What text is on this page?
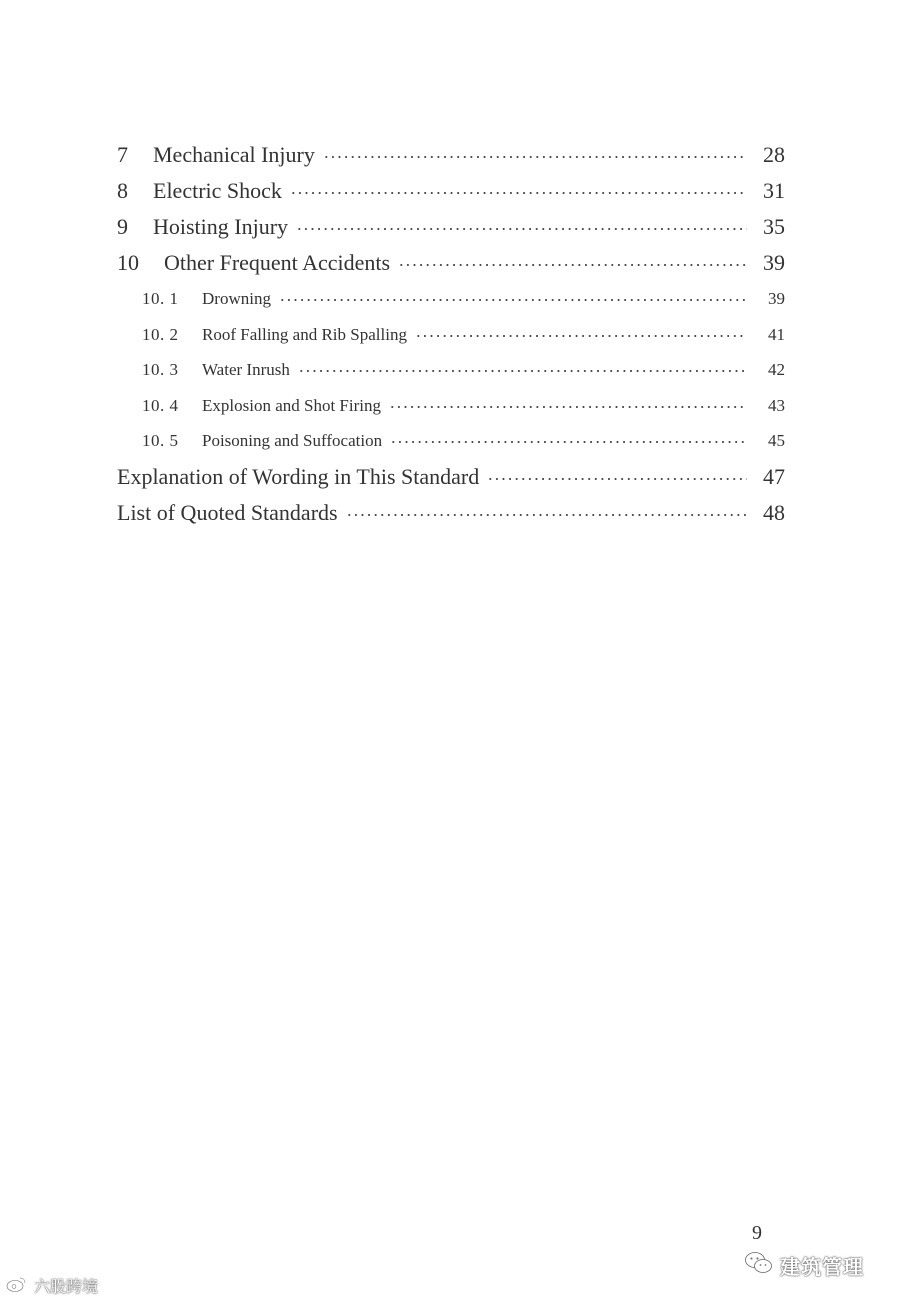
7	Mechanical Injury	28
8	Electric Shock	31
9	Hoisting Injury	35
10	Other Frequent Accidents	39
10. 1	Drowning	39
10. 2	Roof Falling and Rib Spalling	41
10. 3	Water Inrush	42
10. 4	Explosion and Shot Firing	43
10. 5	Poisoning and Suffocation	45
Explanation of Wording in This Standard	47
List of Quoted Standards	48
9
六股跨境
建筑管理
